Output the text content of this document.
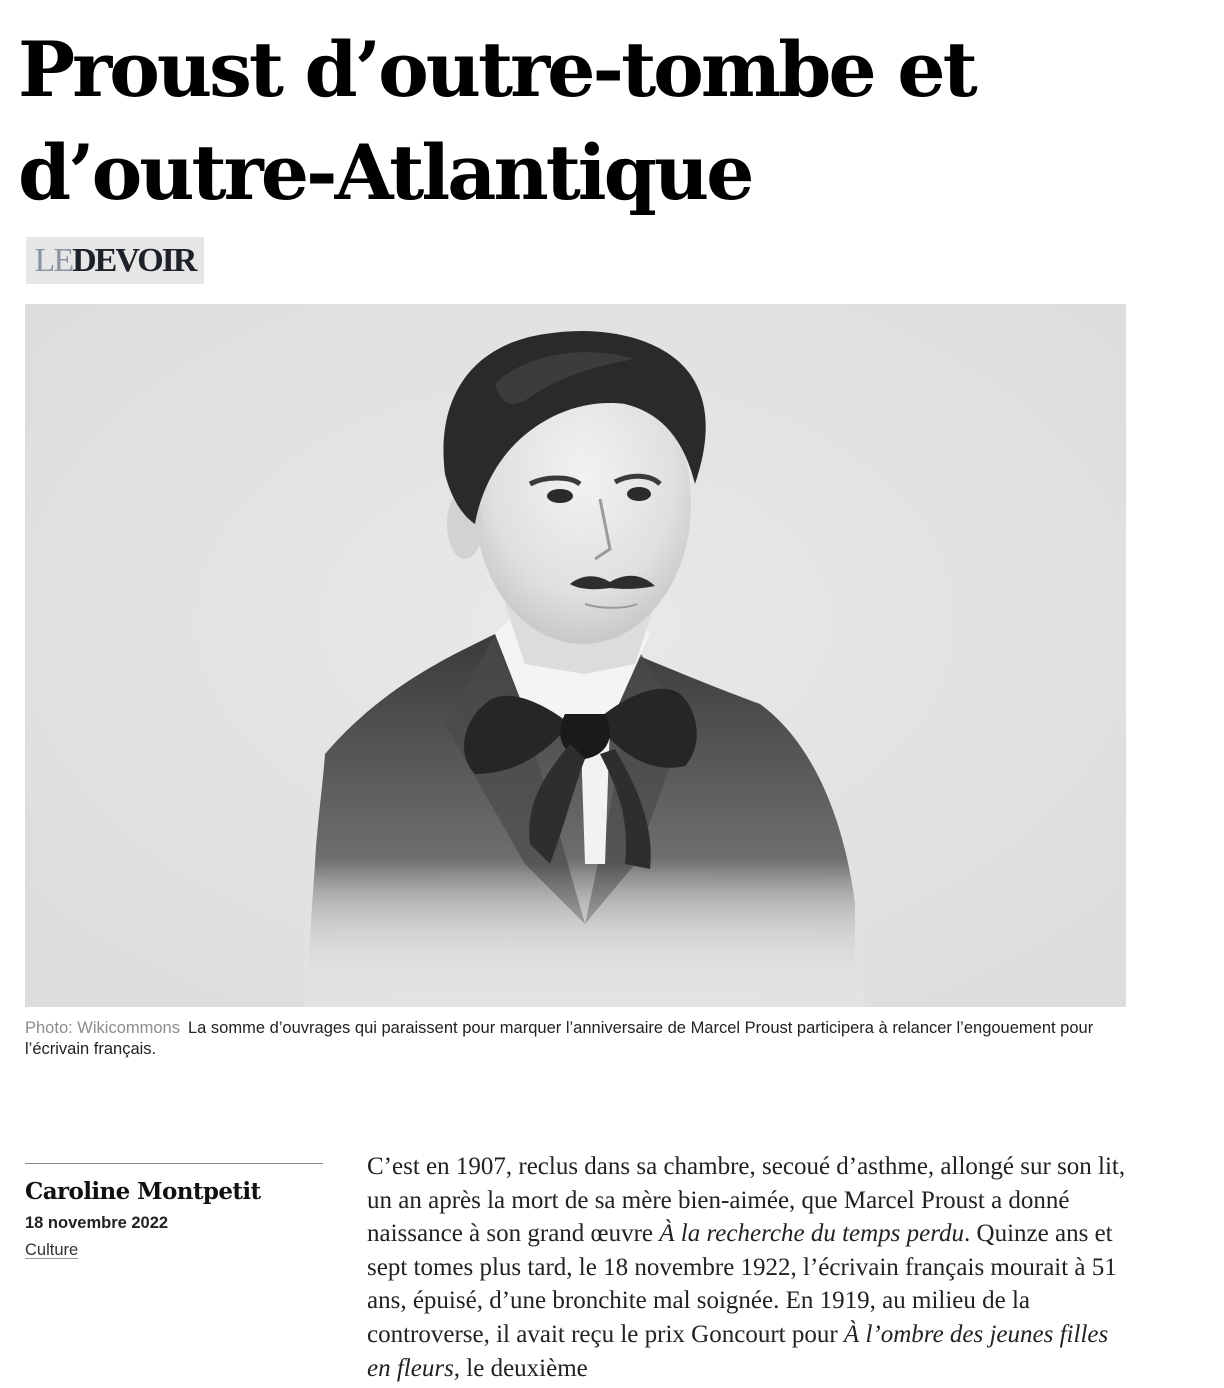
Proust d’outre-tombe et d’outre-Atlantique
LE DEVOIR
Photo: Wikicommons La somme d’ouvrages qui paraissent pour marquer l’anniversaire de Marcel Proust participera à relancer l’engouement pour l’écrivain français.
Caroline Montpetit
18 novembre 2022
Culture

C’est en 1907, reclus dans sa chambre, secoué d’asthme, allongé sur son lit, un an après la mort de sa mère bien-aimée, que Marcel Proust a donné naissance à son grand œuvre À la recherche du temps perdu. Quinze ans et sept tomes plus tard, le 18 novembre 1922, l’écrivain français mourait à 51 ans, épuisé, d’une bronchite mal soignée. En 1919, au milieu de la controverse, il avait reçu le prix Goncourt pour À l’ombre des jeunes filles en fleurs, le deuxième
